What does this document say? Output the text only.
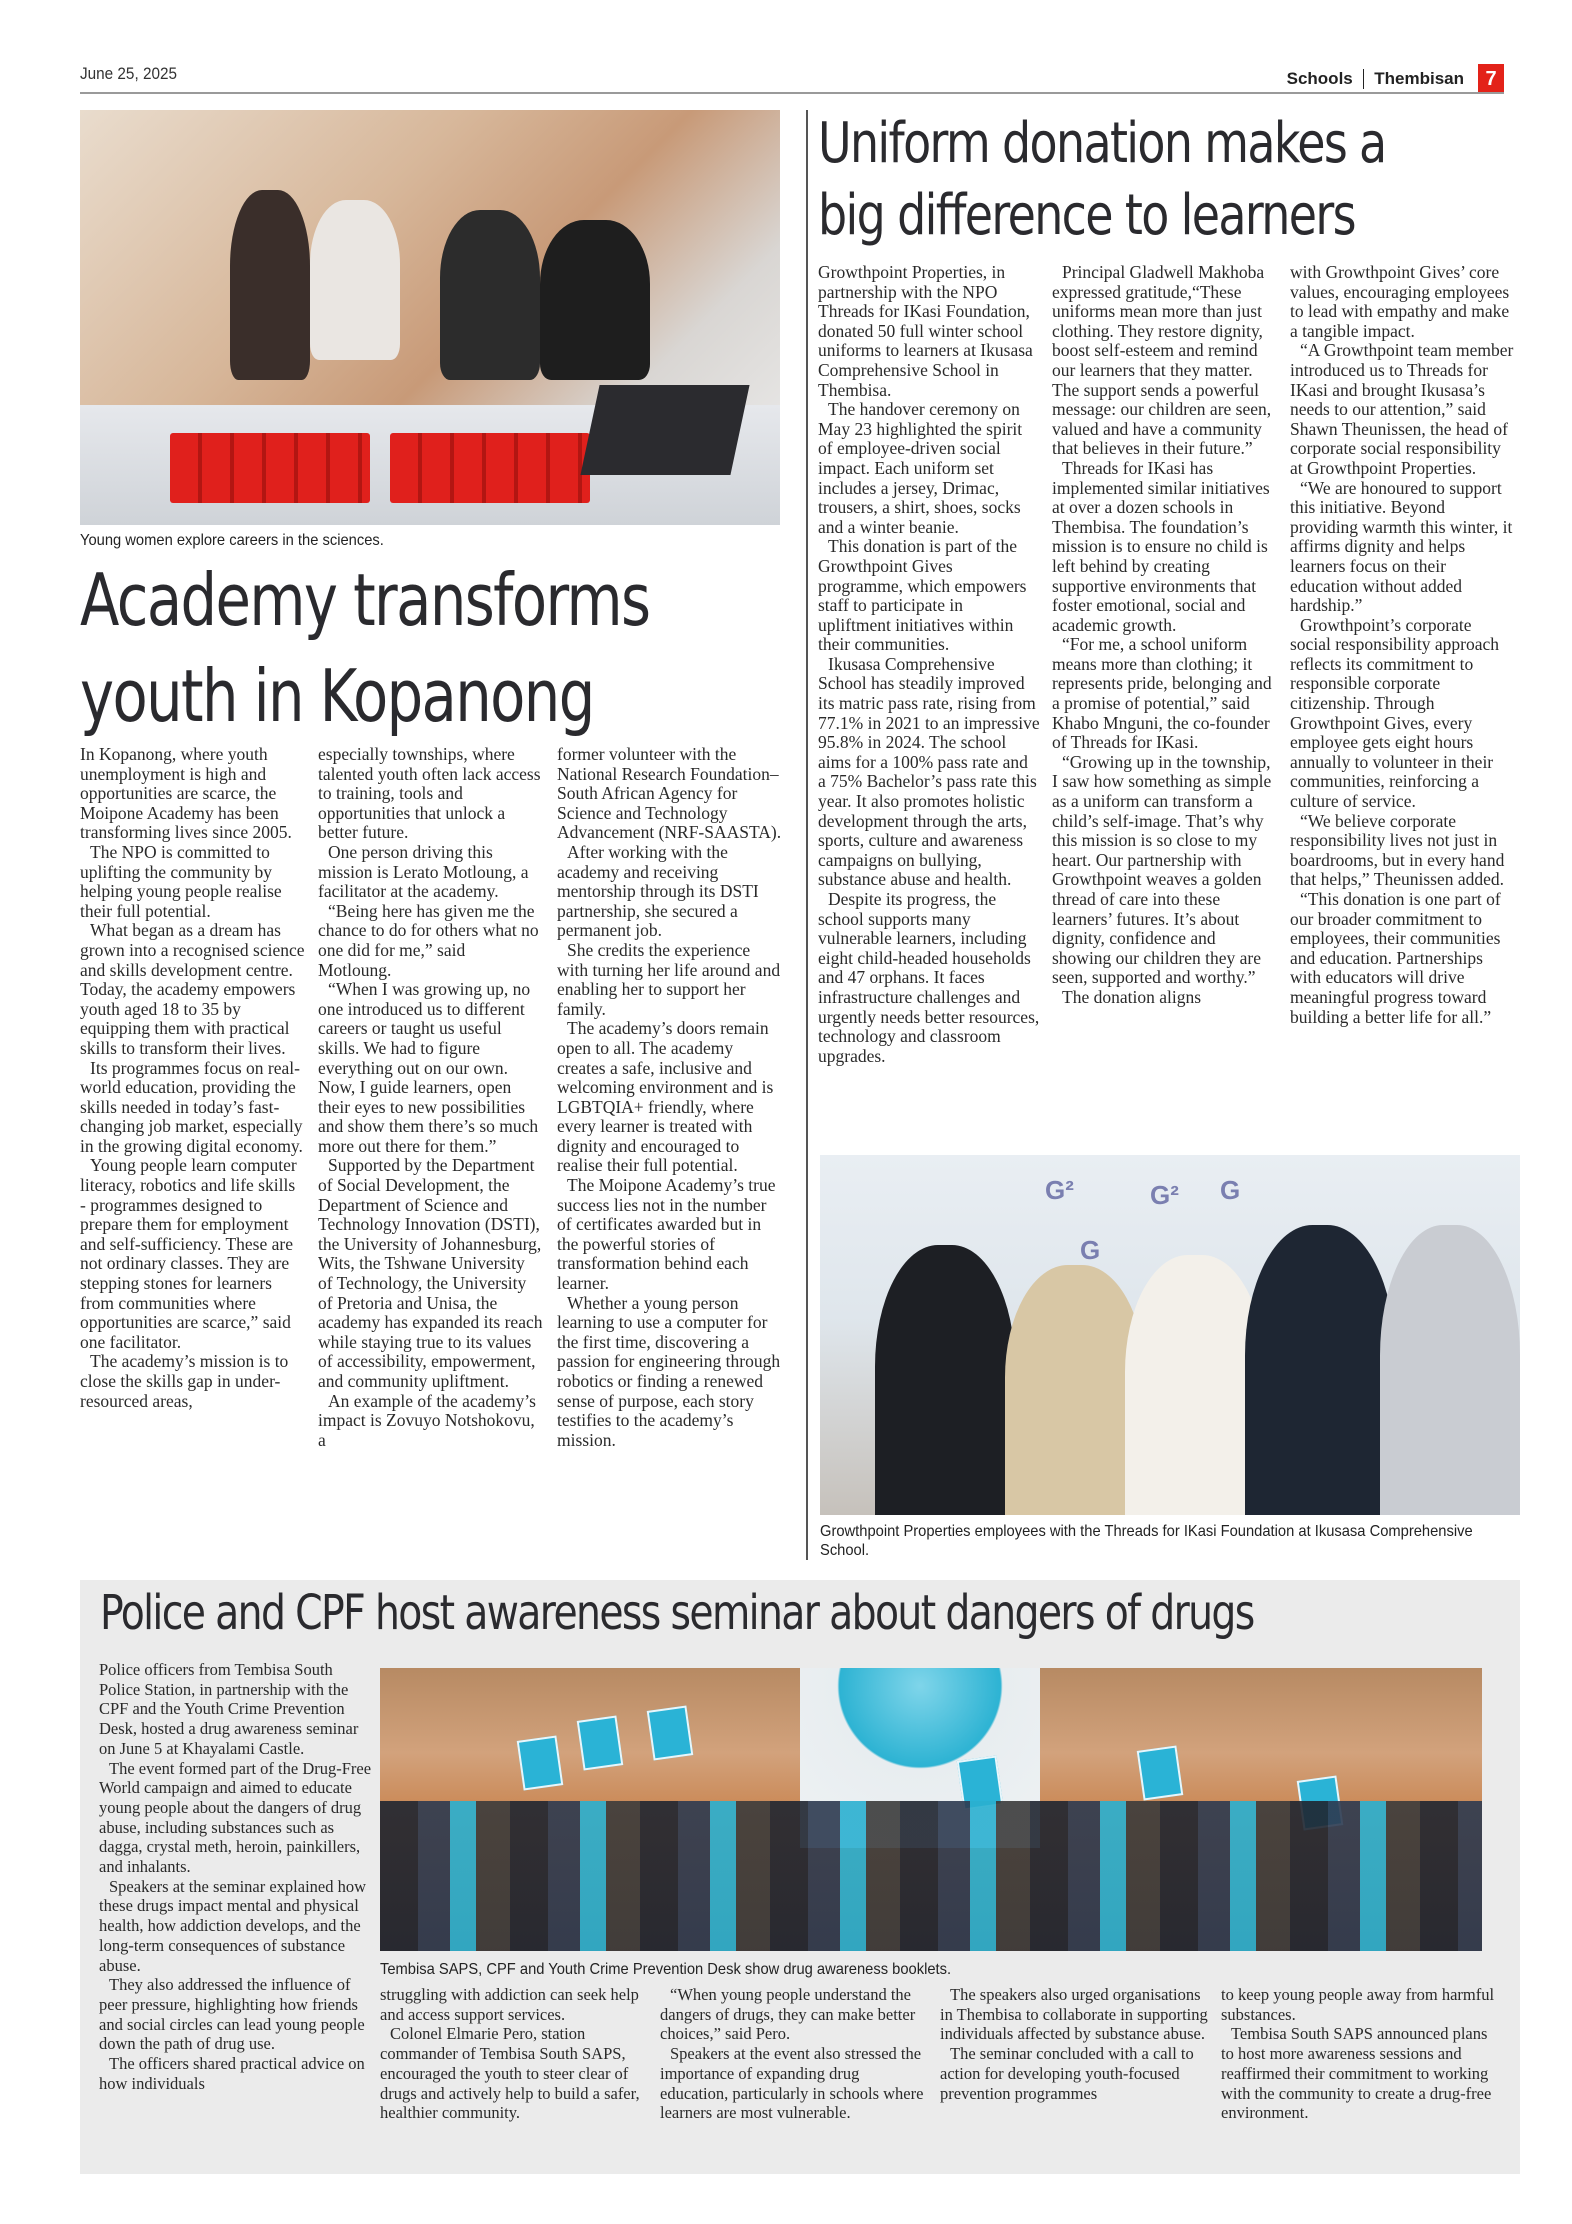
June 25, 2025	Schools Thembisan	7
Young women explore careers in the sciences.
Academy transforms
youth in Kopanong

In Kopanong, where youth unemployment is high and opportunities are scarce, the Moipone Academy has been transforming lives since 2005.

The NPO is committed to uplifting the community by helping young people realise their full potential.

What began as a dream has grown into a recognised science and skills development centre. Today, the academy empowers youth aged 18 to 35 by equipping them with practical skills to transform their lives.

Its programmes focus on real-world education, providing the skills needed in today’s fast-changing job market, especially in the growing digital economy.

Young people learn computer literacy, robotics and life skills - programmes designed to prepare them for employment and self-sufficiency. These are not ordinary classes. They are stepping stones for learners from communities where opportunities are scarce,” said one facilitator.

The academy’s mission is to close the skills gap in under-resourced areas,

especially townships, where talented youth often lack access to training, tools and opportunities that unlock a better future.

One person driving this mission is Lerato Motloung, a facilitator at the academy.

“Being here has given me the chance to do for others what no one did for me,” said Motloung.

“When I was growing up, no one introduced us to different careers or taught us useful skills. We had to figure everything out on our own. Now, I guide learners, open their eyes to new possibilities and show them there’s so much more out there for them.”

Supported by the Department of Social Development, the Department of Science and Technology Innovation (DSTI), the University of Johannesburg, Wits, the Tshwane University of Technology, the University of Pretoria and Unisa, the academy has expanded its reach while staying true to its values of accessibility, empowerment, and community upliftment.

An example of the academy’s impact is Zovuyo Notshokovu, a

former volunteer with the National Research Foundation–South African Agency for Science and Technology Advancement (NRF-SAASTA).

After working with the academy and receiving mentorship through its DSTI partnership, she secured a permanent job.

She credits the experience with turning her life around and enabling her to support her family.

The academy’s doors remain open to all. The academy creates a safe, inclusive and welcoming environment and is LGBTQIA+ friendly, where every learner is treated with dignity and encouraged to realise their full potential.

The Moipone Academy’s true success lies not in the number of certificates awarded but in the powerful stories of transformation behind each learner.

Whether a young person learning to use a computer for the first time, discovering a passion for engineering through robotics or finding a renewed sense of purpose, each story testifies to the academy’s mission.

Uniform donation makes a
big difference to learners

Growthpoint Properties, in partnership with the NPO Threads for IKasi Foundation, donated 50 full winter school uniforms to learners at Ikusasa Comprehensive School in Thembisa.

The handover ceremony on May 23 highlighted the spirit of employee-driven social impact. Each uniform set includes a jersey, Drimac, trousers, a shirt, shoes, socks and a winter beanie.

This donation is part of the Growthpoint Gives programme, which empowers staff to participate in upliftment initiatives within their communities.

Ikusasa Comprehensive School has steadily improved its matric pass rate, rising from 77.1% in 2021 to an impressive 95.8% in 2024. The school aims for a 100% pass rate and a 75% Bachelor’s pass rate this year. It also promotes holistic development through the arts, sports, culture and awareness campaigns on bullying, substance abuse and health.

Despite its progress, the school supports many vulnerable learners, including eight child-headed households and 47 orphans. It faces infrastructure challenges and urgently needs better resources, technology and classroom upgrades.

Principal Gladwell Makhoba expressed gratitude,“These uniforms mean more than just clothing. They restore dignity, boost self-esteem and remind our learners that they matter. The support sends a powerful message: our children are seen, valued and have a community that believes in their future.”

Threads for IKasi has implemented similar initiatives at over a dozen schools in Thembisa. The foundation’s mission is to ensure no child is left behind by creating supportive environments that foster emotional, social and academic growth.

“For me, a school uniform means more than clothing; it represents pride, belonging and a promise of potential,” said Khabo Mnguni, the co-founder of Threads for IKasi.

“Growing up in the township, I saw how something as simple as a uniform can transform a child’s self-image. That’s why this mission is so close to my heart. Our partnership with Growthpoint weaves a golden thread of care into these learners’ futures. It’s about dignity, confidence and showing our children they are seen, supported and worthy.”

The donation aligns

with Growthpoint Gives’ core values, encouraging employees to lead with empathy and make a tangible impact.

“A Growthpoint team member introduced us to Threads for IKasi and brought Ikusasa’s needs to our attention,” said Shawn Theunissen, the head of corporate social responsibility at Growthpoint Properties.

“We are honoured to support this initiative. Beyond providing warmth this winter, it affirms dignity and helps learners focus on their education without added hardship.”

Growthpoint’s corporate social responsibility approach reflects its commitment to responsible corporate citizenship. Through Growthpoint Gives, every employee gets eight hours annually to volunteer in their communities, reinforcing a culture of service.

“We believe corporate responsibility lives not just in boardrooms, but in every hand that helps,” Theunissen added.

“This donation is one part of our broader commitment to employees, their communities and education. Partnerships with educators will drive meaningful progress toward building a better life for all.”

G²	G² G
G
Growthpoint Properties employees with the Threads for IKasi Foundation at Ikusasa Comprehensive School.
Police and CPF host awareness seminar about dangers of drugs

Police officers from Tembisa South Police Station, in partnership with the CPF and the Youth Crime Prevention Desk, hosted a drug awareness seminar on June 5 at Khayalami Castle.

The event formed part of the Drug-Free World campaign and aimed to educate young people about the dangers of drug abuse, including substances such as dagga, crystal meth, heroin, painkillers, and inhalants.

Speakers at the seminar explained how these drugs impact mental and physical health, how addiction develops, and the long-term consequences of substance abuse.

They also addressed the influence of peer pressure, highlighting how friends and social circles can lead young people down the path of drug use.

The officers shared practical advice on how individuals

Tembisa SAPS, CPF and Youth Crime Prevention Desk show drug awareness booklets.

struggling with addiction can seek help and access support services.

Colonel Elmarie Pero, station commander of Tembisa South SAPS, encouraged the youth to steer clear of drugs and actively help to build a safer, healthier community.

“When young people understand the dangers of drugs, they can make better choices,” said Pero.

Speakers at the event also stressed the importance of expanding drug education, particularly in schools where learners are most vulnerable.

The speakers also urged organisations in Thembisa to collaborate in supporting individuals affected by substance abuse.

The seminar concluded with a call to action for developing youth-focused prevention programmes

to keep young people away from harmful substances.

Tembisa South SAPS announced plans to host more awareness sessions and reaffirmed their commitment to working with the community to create a drug-free environment.
